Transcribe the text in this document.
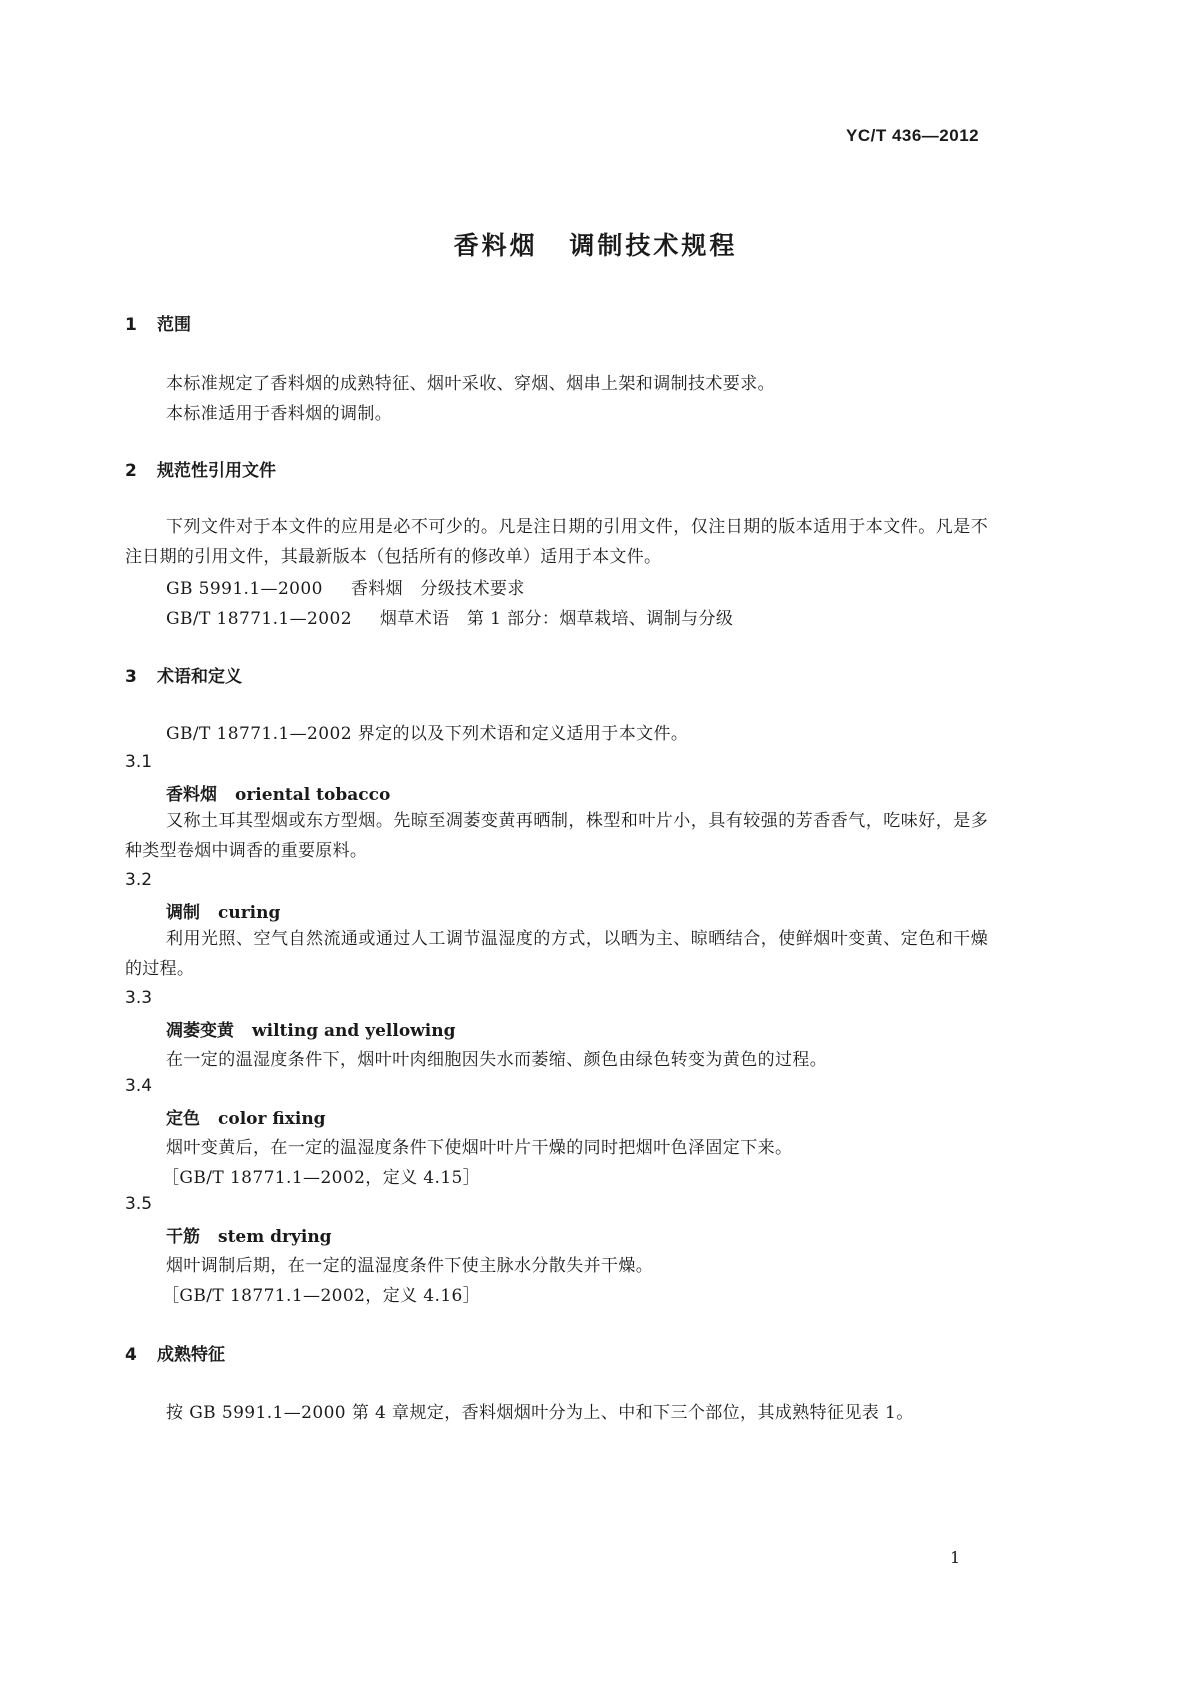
YC/T 436—2012
香料烟 调制技术规程
1 范围
本标准规定了香料烟的成熟特征、烟叶采收、穿烟、烟串上架和调制技术要求。
本标准适用于香料烟的调制。
2 规范性引用文件
下列文件对于本文件的应用是必不可少的。凡是注日期的引用文件，仅注日期的版本适用于本文件。凡是不注日期的引用文件，其最新版本（包括所有的修改单）适用于本文件。
GB 5991.1—2000 香料烟　分级技术要求
GB/T 18771.1—2002 烟草术语　第 1 部分：烟草栽培、调制与分级
3 术语和定义
GB/T 18771.1—2002 界定的以及下列术语和定义适用于本文件。
3.1
香料烟 oriental tobacco
又称土耳其型烟或东方型烟。先晾至凋萎变黄再晒制，株型和叶片小，具有较强的芳香香气，吃味好，是多种类型卷烟中调香的重要原料。
3.2
调制 curing
利用光照、空气自然流通或通过人工调节温湿度的方式，以晒为主、晾晒结合，使鲜烟叶变黄、定色和干燥的过程。
3.3
凋萎变黄 wilting and yellowing
在一定的温湿度条件下，烟叶叶肉细胞因失水而萎缩、颜色由绿色转变为黄色的过程。
3.4
定色 color fixing
烟叶变黄后，在一定的温湿度条件下使烟叶叶片干燥的同时把烟叶色泽固定下来。
［GB/T 18771.1—2002，定义 4.15］
3.5
干筋 stem drying
烟叶调制后期，在一定的温湿度条件下使主脉水分散失并干燥。
［GB/T 18771.1—2002，定义 4.16］
4 成熟特征
按 GB 5991.1—2000 第 4 章规定，香料烟烟叶分为上、中和下三个部位，其成熟特征见表 1。
1
